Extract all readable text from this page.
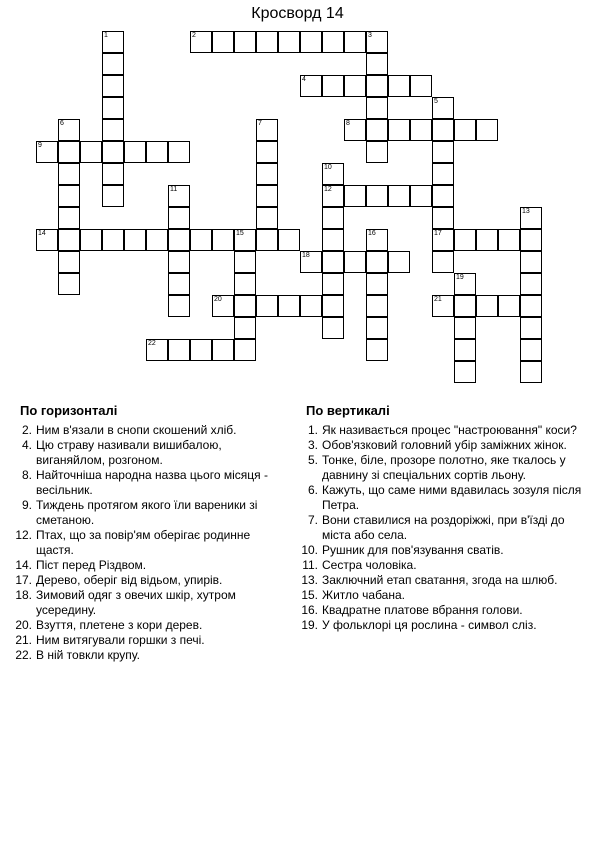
Кросворд 14
1	2	3
4
5
6	7	8
9
10
11	12
13
14	15	16	17
18
19
20	21
22
По горизонталі
2. Ним в'язали в снопи скошений хліб.
4. Цю страву називали вишибалою, виганяйлом, розгоном.
8. Найточніша народна назва цього місяця - весільник.
9. Тиждень протягом якого їли вареники зі сметаною.
12. Птах, що за повір'ям оберігає родинне щастя.
14. Піст перед Різдвом.
17. Дерево, оберіг від відьом, упирів.
18. Зимовий одяг з овечих шкір, хутром усередину.
20. Взуття, плетене з кори дерев.
21. Ним витягували горшки з печі.
22. В ній товкли крупу.
По вертикалі
1. Як називається процес "настроювання" коси?
3. Обов'язковий головний убір заміжних жінок.
5. Тонке, біле, прозоре полотно, яке ткалось у давнину зі спеціальних сортів льону.
6. Кажуть, що саме ними вдавилась зозуля після Петра.
7. Вони ставилися на роздоріжжі, при в'їзді до міста або села.
10. Рушник для пов'язування сватів.
11. Сестра чоловіка.
13. Заключний етап сватання, згода на шлюб.
15. Житло чабана.
16. Квадратне платове вбрання голови.
19. У фольклорі ця рослина - символ сліз.
